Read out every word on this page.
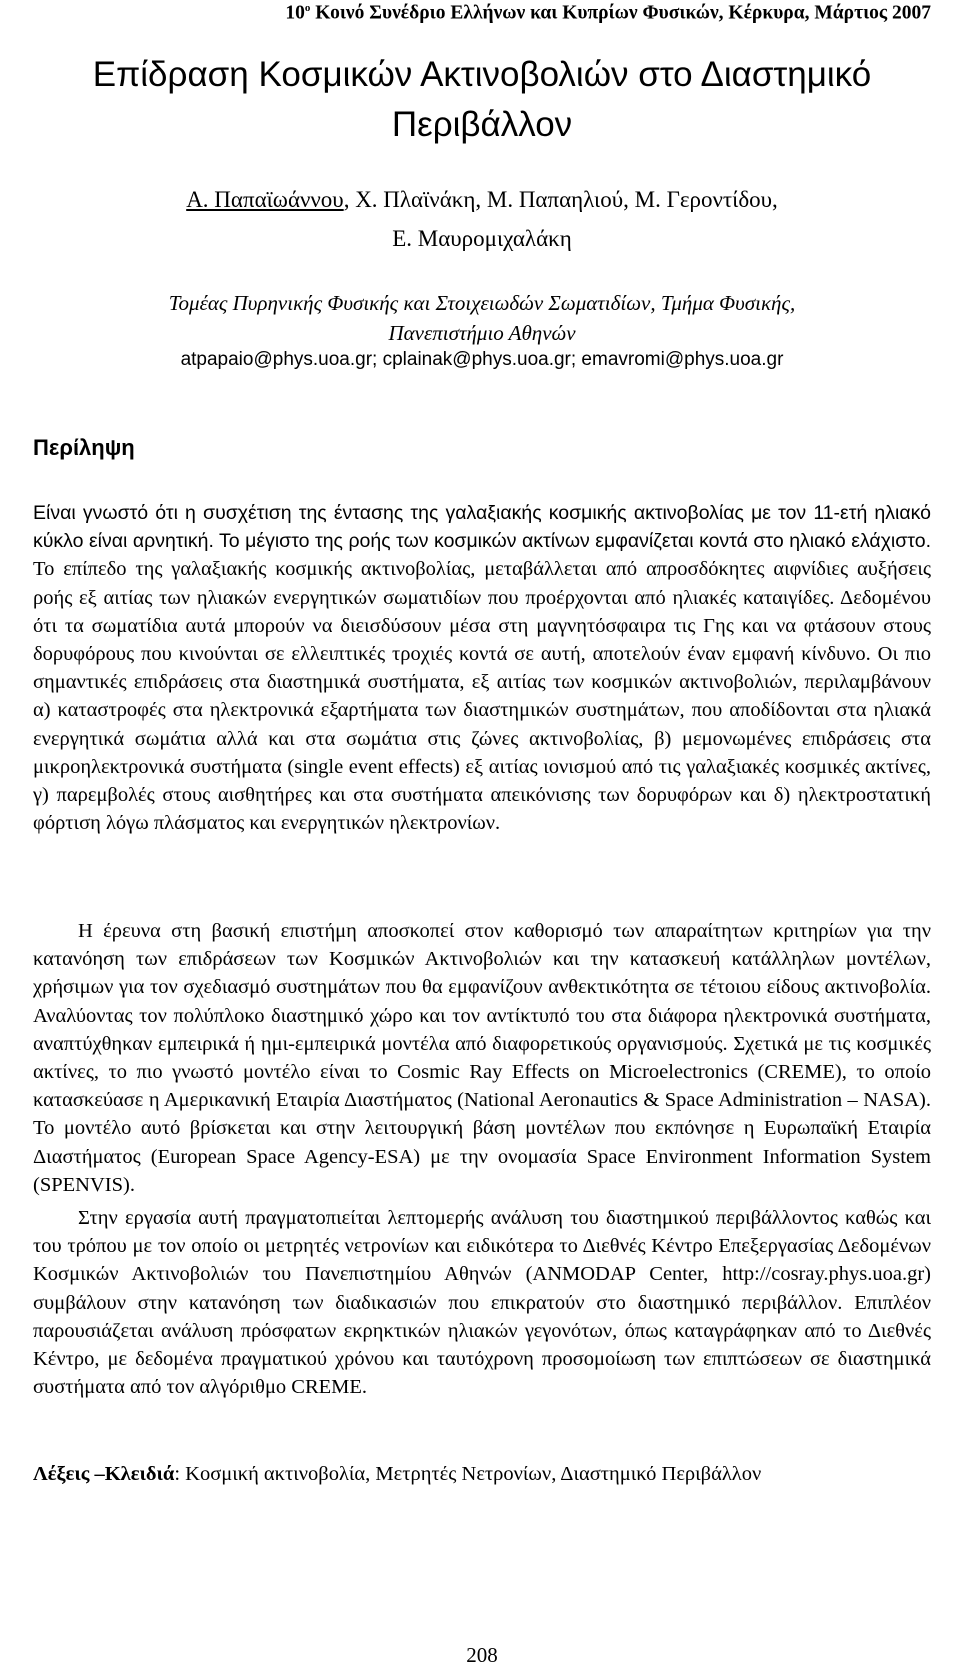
$10^o$ Κοινό Συνέδριο Ελλήνων και Κυπρίων Φυσικών, Κέρκυρα, Μάρτιος 2007
Επίδραση Κοσμικών Ακτινοβολιών στο Διαστημικό
Περιβάλλον
Α. Παπαϊωάννου, Χ. Πλαϊνάκη, Μ. Παπαηλιού, Μ. Γεροντίδου,
Ε. Μαυρομιχαλάκη
Τομέας Πυρηνικής Φυσικής και Στοιχειωδών Σωματιδίων, Τμήμα Φυσικής,
Πανεπιστήμιο Αθηνών
atpapaio@phys.uoa.gr; cplainak@phys.uoa.gr; emavromi@phys.uoa.gr
Περίληψη

Είναι γνωστό ότι η συσχέτιση της έντασης της γαλαξιακής κοσμικής ακτινοβολίας με τον 11-ετή ηλιακό κύκλο είναι αρνητική. Το μέγιστο της ροής των κοσμικών ακτίνων εμφανίζεται κοντά στο ηλιακό ελάχιστο. Το επίπεδο της γαλαξιακής κοσμικής ακτινοβολίας, μεταβάλλεται από απροσδόκητες αιφνίδιες αυξήσεις ροής εξ αιτίας των ηλιακών ενεργητικών σωματιδίων που προέρχονται από ηλιακές καταιγίδες. Δεδομένου ότι τα σωματίδια αυτά μπορούν να διεισδύσουν μέσα στη μαγνητόσφαιρα τις Γης και να φτάσουν στους δορυφόρους που κινούνται σε ελλειπτικές τροχιές κοντά σε αυτή, αποτελούν έναν εμφανή κίνδυνο. Οι πιο σημαντικές επιδράσεις στα διαστημικά συστήματα, εξ αιτίας των κοσμικών ακτινοβολιών, περιλαμβάνουν α) καταστροφές στα ηλεκτρονικά εξαρτήματα των διαστημικών συστημάτων, που αποδίδονται στα ηλιακά ενεργητικά σωμάτια αλλά και στα σωμάτια στις ζώνες ακτινοβολίας, β) μεμονωμένες επιδράσεις στα μικροηλεκτρονικά συστήματα (single event effects) εξ αιτίας ιονισμού από τις γαλαξιακές κοσμικές ακτίνες, γ) παρεμβολές στους αισθητήρες και στα συστήματα απεικόνισης των δορυφόρων και δ) ηλεκτροστατική φόρτιση λόγω πλάσματος και ενεργητικών ηλεκτρονίων.

Η έρευνα στη βασική επιστήμη αποσκοπεί στον καθορισμό των απαραίτητων κριτηρίων για την κατανόηση των επιδράσεων των Κοσμικών Ακτινοβολιών και την κατασκευή κατάλληλων μοντέλων, χρήσιμων για τον σχεδιασμό συστημάτων που θα εμφανίζουν ανθεκτικότητα σε τέτοιου είδους ακτινοβολία. Αναλύοντας τον πολύπλοκο διαστημικό χώρο και τον αντίκτυπό του στα διάφορα ηλεκτρονικά συστήματα, αναπτύχθηκαν εμπειρικά ή ημι-εμπειρικά μοντέλα από διαφορετικούς οργανισμούς. Σχετικά με τις κοσμικές ακτίνες, το πιο γνωστό μοντέλο είναι το Cosmic Ray Effects on Microelectronics (CREME), το οποίο κατασκεύασε η Αμερικανική Εταιρία Διαστήματος (National Aeronautics & Space Administration – NASA). Το μοντέλο αυτό βρίσκεται και στην λειτουργική βάση μοντέλων που εκπόνησε η Ευρωπαϊκή Εταιρία Διαστήματος (European Space Agency-ESA) με την ονομασία Space Environment Information System (SPENVIS).

Στην εργασία αυτή πραγματοπιείται λεπτομερής ανάλυση του διαστημικού περιβάλλοντος καθώς και του τρόπου με τον οποίο οι μετρητές νετρονίων και ειδικότερα το Διεθνές Κέντρο Επεξεργασίας Δεδομένων Κοσμικών Ακτινοβολιών του Πανεπιστημίου Αθηνών (ANMODAP Center, http://cosray.phys.uoa.gr) συμβάλουν στην κατανόηση των διαδικασιών που επικρατούν στο διαστημικό περιβάλλον. Επιπλέον παρουσιάζεται ανάλυση πρόσφατων εκρηκτικών ηλιακών γεγονότων, όπως καταγράφηκαν από το Διεθνές Κέντρο, με δεδομένα πραγματικού χρόνου και ταυτόχρονη προσομοίωση των επιπτώσεων σε διαστημικά συστήματα από τον αλγόριθμο CREME.

Λέξεις –Κλειδιά: Κοσμική ακτινοβολία, Μετρητές Νετρονίων, Διαστημικό Περιβάλλον
208
